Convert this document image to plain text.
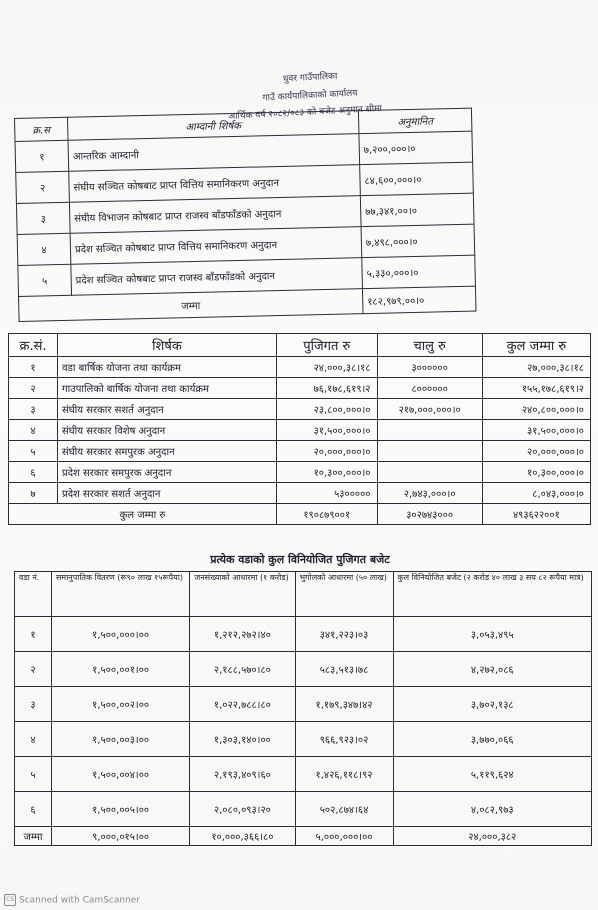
धुवर गाउँपालिका
गाउँ कार्यपालिकाको कार्यालय
आर्थिक वर्ष २०८२/०८३ को बजेट अनुमान सीमा
क्र.स	आम्दानी शिर्षक	अनुमानित
१	आन्तरिक आम्दानी	७,२००,०००।०
२	संघीय सञ्चित कोषबाट प्राप्त वित्तिय समानिकरण अनुदान	८४,६००,०००।०
३	संघीय विभाजन कोषबाट प्राप्त राजस्व बाँडफाँडको अनुदान	७७,३४१,००।०
४	प्रदेश सञ्चित कोषबाट प्राप्त वित्तिय समानिकरण अनुदान	७,४९८,०००।०
५	प्रदेश सञ्चित कोषबाट प्राप्त राजस्व बाँडफाँडको अनुदान	५,३३०,०००।०
जम्मा		१८२,९७९,००।०
क्र.सं.	शिर्षक	पुजिगत रु	चालु रु	कुल जम्मा रु
१	वडा बार्षिक योजना तथा कार्यक्रम	२४,०००,३८।१८	३००००००	२७,०००,३८।१८
२	गाउपालिको बार्षिक योजना तथा कार्यक्रम	७६,१७८,६१९।२	८००००००	१५५,१७८,६१९।२
३	संघीय सरकार सशर्त अनुदान	२३,८००,०००।०	२१७,०००,०००।०	२४०,८००,०००।०
४	संघीय सरकार विशेष अनुदान	३१,५००,०००।०		३१,५००,०००।०
५	संघीय सरकार समपुरक अनुदान	२०,०००,०००।०		२०,०००,०००।०
६	प्रदेश सरकार समपुरक अनुदान	१०,३००,०००।०		१०,३००,०००।०
७	प्रदेश सरकार सशर्त अनुदान	५३०००००	२,७४३,०००।०	८,०४३,०००।०
कुल जम्मा रु		१९०८७९००१	३०२७४३०००	४९३६२२००१
प्रत्येक वडाको कुल विनियोजित पुजिगत बजेट
वडा नं.	समानुपातिक वितरण (रू९० लाख १५रूपैया)	जनसंख्याको आधारमा (१ करोड)	भुगोलको आधारमा (५० लाख)	कुल विनियोजित बजेट (२ करोड ४० लाख ३ सय ८२ रूपैया मात्र)
१	१,५००,०००।००	१,२१२,२७२।४०	३४१,२२३।०३	३,०५३,४९५
२	१,५००,००१।००	२,१८८,५७०।८०	५८३,५१३।७८	४,२७२,०८६
३	१,५००,००२।००	१,०२२,७८८।८०	१,१७९,३४७।४२	३,७०२,१३८
४	१,५००,००३।००	१,३०३,१४०।००	९६६,९२३।०२	३,७७०,०६६
५	१,५००,००४।००	२,१९३,४०९।६०	१,४२६,११८।९२	५,११९,६२४
६	१,५००,००५।००	२,०८०,०९३।२०	५०२,८७४।६४	४,०८२,९७३
जम्मा	९,०००,०१५।००	१०,०००,३६६।८०	५,०००,०००।००	२४,०००,३८२
CS Scanned with CamScanner
